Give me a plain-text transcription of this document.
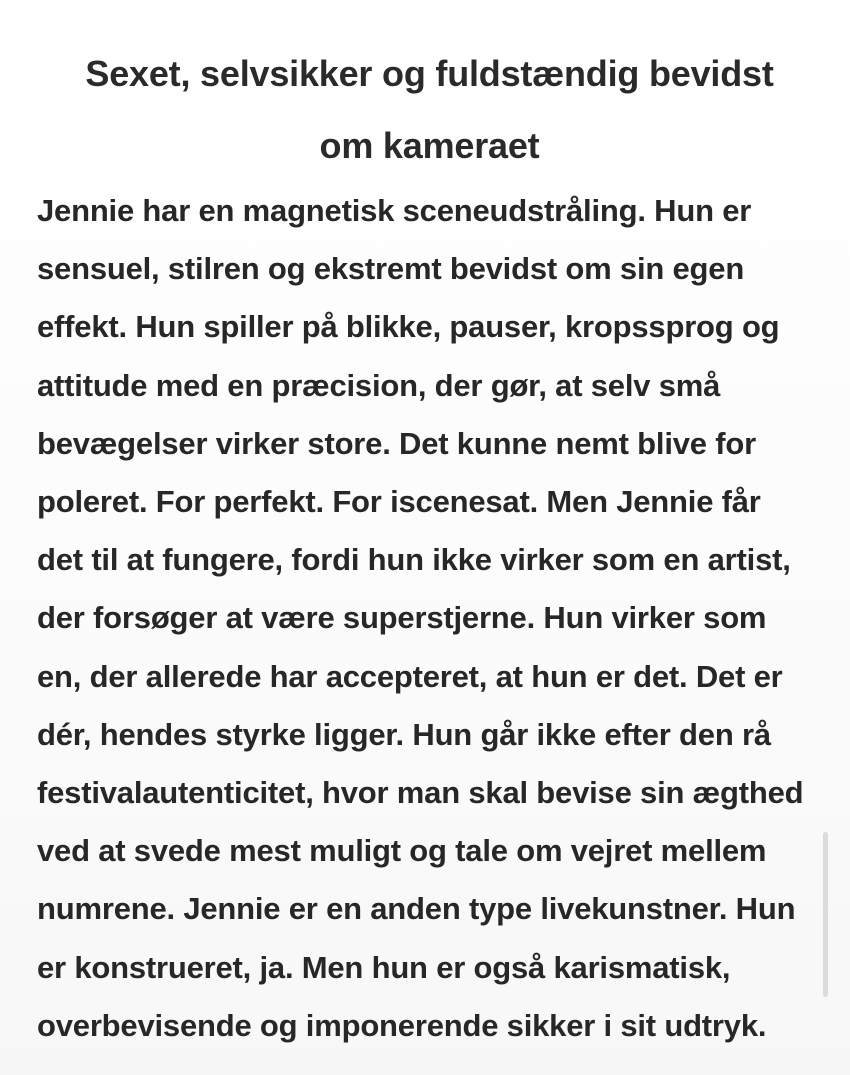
Sexet, selvsikker og fuldstændig bevidst
om kameraet

Jennie har en magnetisk sceneudstråling. Hun er
sensuel, stilren og ekstremt bevidst om sin egen
effekt. Hun spiller på blikke, pauser, kropssprog og
attitude med en præcision, der gør, at selv små
bevægelser virker store. Det kunne nemt blive for
poleret. For perfekt. For iscenesat. Men Jennie får
det til at fungere, fordi hun ikke virker som en artist,
der forsøger at være superstjerne. Hun virker som
en, der allerede har accepteret, at hun er det. Det er
dér, hendes styrke ligger. Hun går ikke efter den rå
festivalautenticitet, hvor man skal bevise sin ægthed
ved at svede mest muligt og tale om vejret mellem
numrene. Jennie er en anden type livekunstner. Hun
er konstrueret, ja. Men hun er også karismatisk,
overbevisende og imponerende sikker i sit udtryk.
